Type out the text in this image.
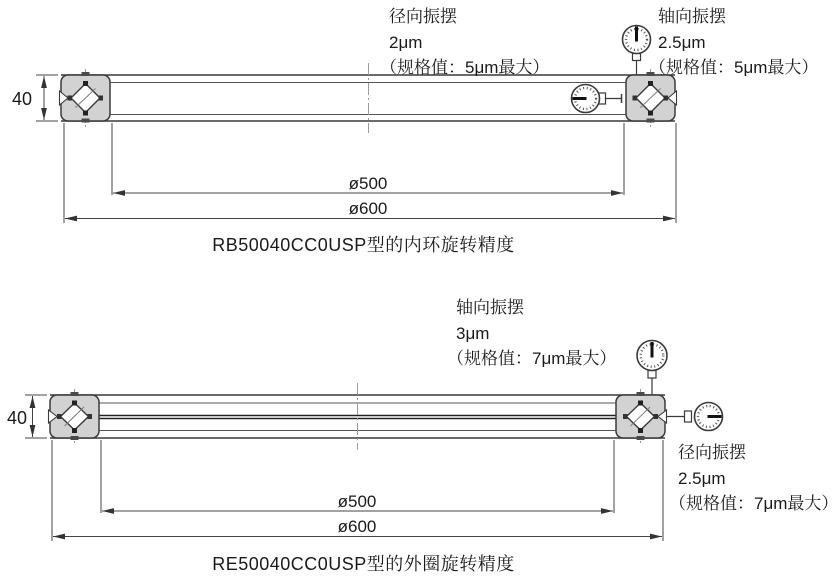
径向振摆
2μm
（规格值：5μm最大）
轴向振摆
2.5μm
（规格值：5μm最大）
40
ø500
ø600
RB50040CC0USP型的内环旋转精度
轴向振摆
3μm
（规格值：7μm最大）
径向振摆
2.5μm
（规格值：7μm最大）
40
ø500
ø600
RE50040CC0USP型的外圈旋转精度
